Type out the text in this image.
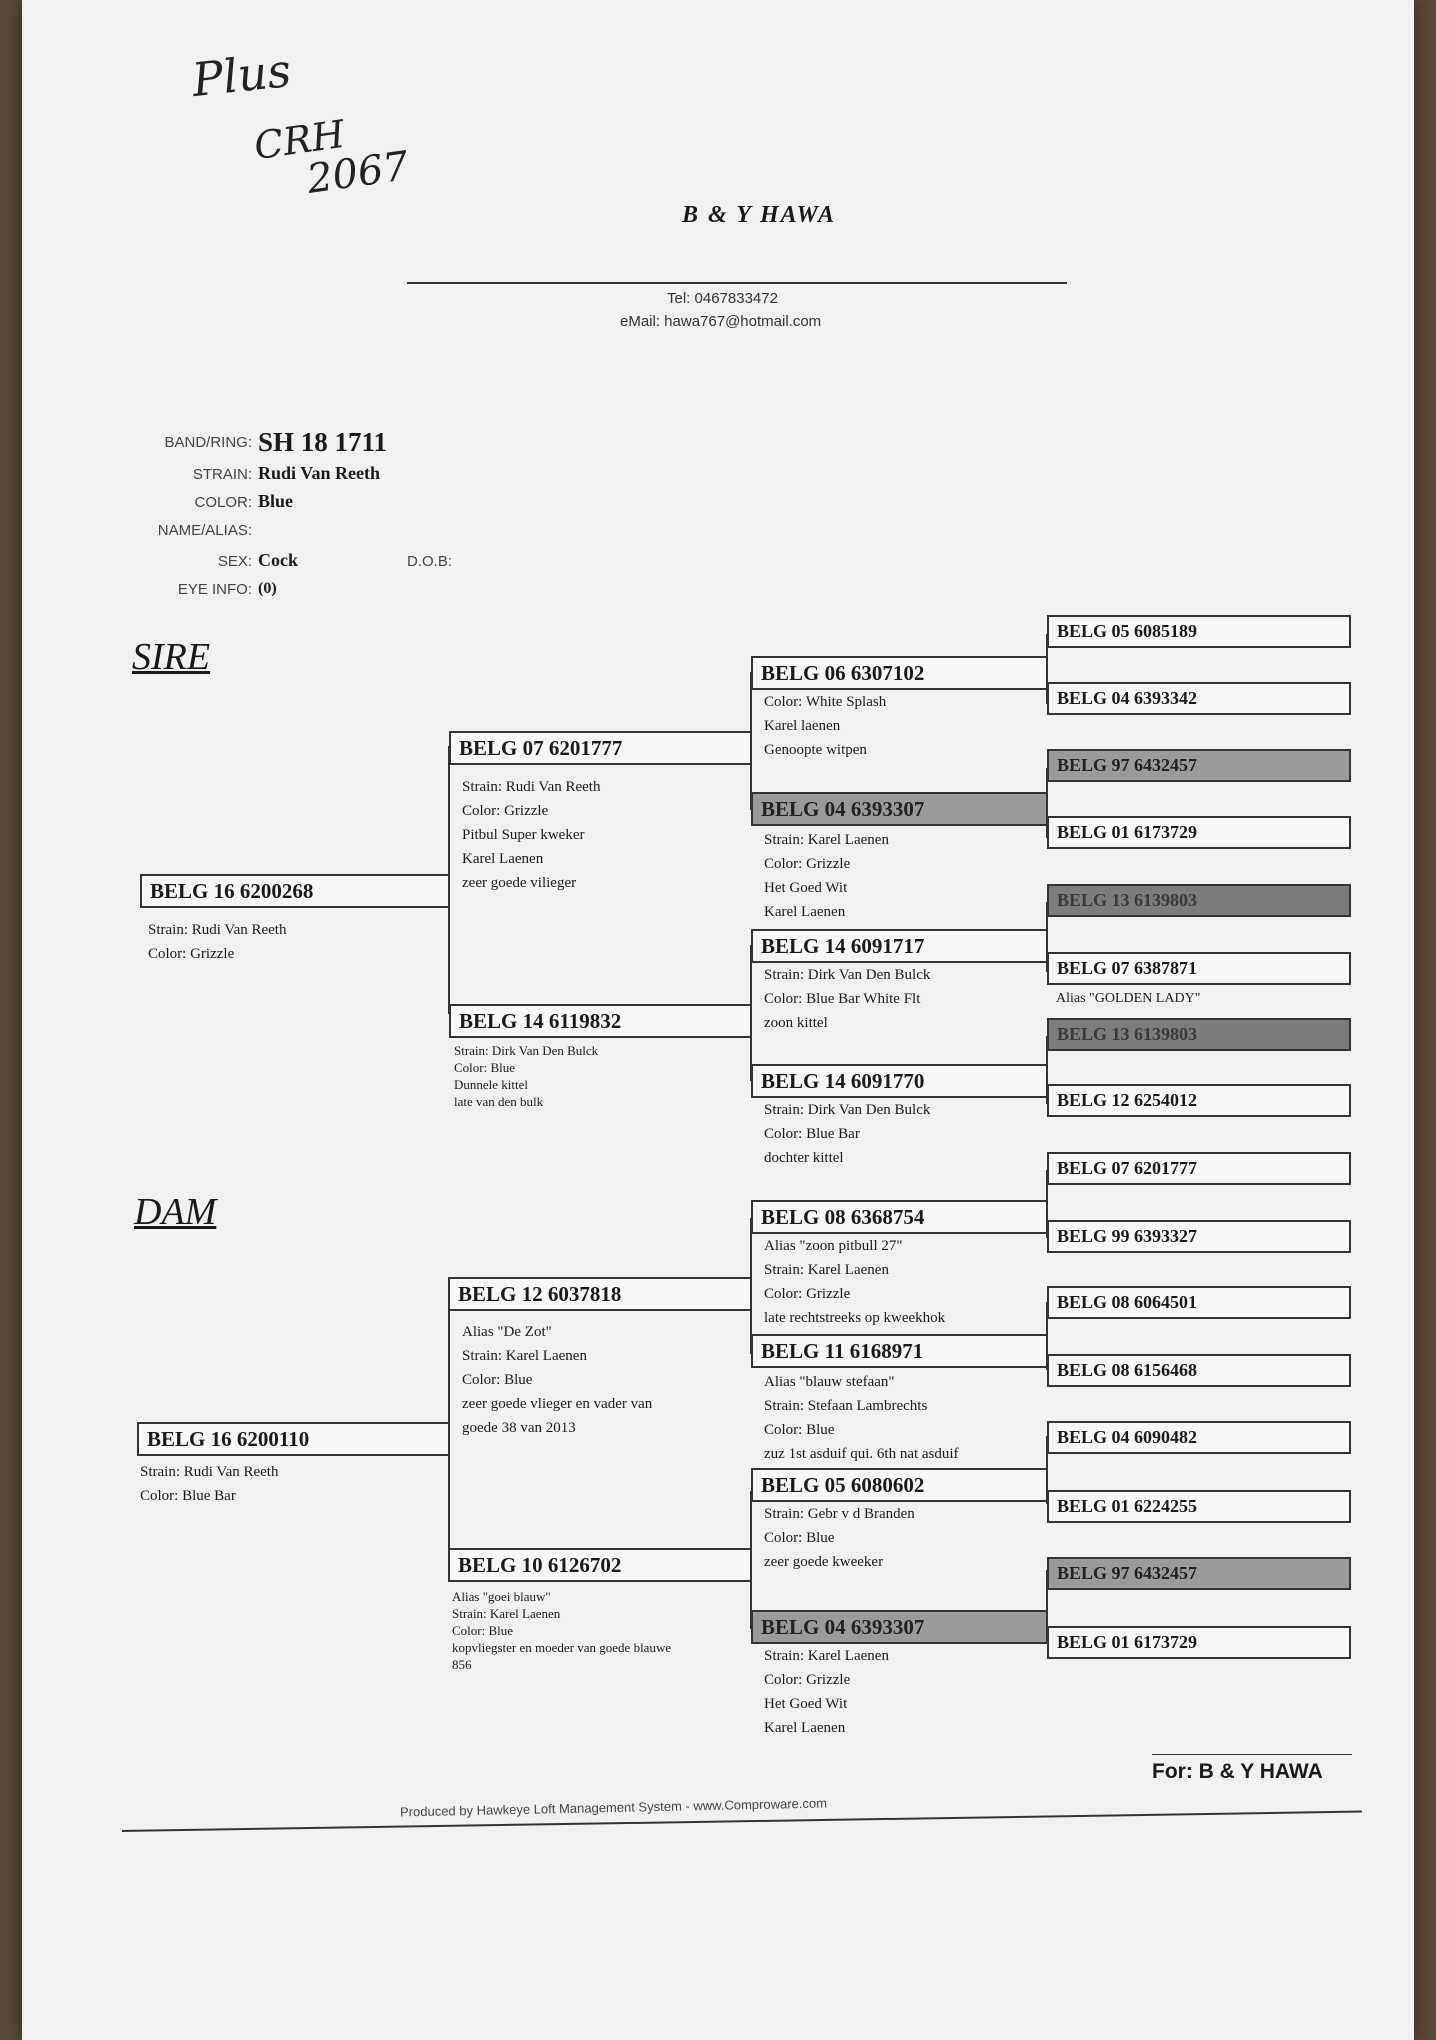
Plus
CRH
2067
B & Y HAWA
Tel: 0467833472
eMail: hawa767@hotmail.com
BAND/RING: SH 18 1711
STRAIN: Rudi Van Reeth
COLOR: Blue
NAME/ALIAS:
SEX: Cock	D.O.B:
EYE INFO: (0)
SIRE
DAM
BELG 16 6200268
Strain: Rudi Van Reeth
Color: Grizzle
BELG 16 6200110
Strain: Rudi Van Reeth
Color: Blue Bar
BELG 07 6201777
Strain: Rudi Van Reeth
Color: Grizzle
Pitbul Super kweker
Karel Laenen
zeer goede vilieger
BELG 14 6119832
Strain: Dirk Van Den Bulck
Color: Blue
Dunnele kittel
late van den bulk
BELG 12 6037818
Alias "De Zot"
Strain: Karel Laenen
Color: Blue
zeer goede vlieger en vader van
goede 38 van 2013
BELG 10 6126702
Alias "goei blauw"
Strain: Karel Laenen
Color: Blue
kopvliegster en moeder van goede blauwe
856
BELG 06 6307102
Color: White Splash
Karel laenen
Genoopte witpen
BELG 04 6393307
Strain: Karel Laenen
Color: Grizzle
Het Goed Wit
Karel Laenen
BELG 14 6091717
Strain: Dirk Van Den Bulck
Color: Blue Bar White Flt
zoon kittel
BELG 14 6091770
Strain: Dirk Van Den Bulck
Color: Blue Bar
dochter kittel
BELG 08 6368754
Alias "zoon pitbull 27"
Strain: Karel Laenen
Color: Grizzle
late rechtstreeks op kweekhok
BELG 11 6168971
Alias "blauw stefaan"
Strain: Stefaan Lambrechts
Color: Blue
zuz 1st asduif qui. 6th nat asduif
BELG 05 6080602
Strain: Gebr v d Branden
Color: Blue
zeer goede kweeker
BELG 04 6393307
Strain: Karel Laenen
Color: Grizzle
Het Goed Wit
Karel Laenen
BELG 05 6085189
BELG 04 6393342
BELG 97 6432457
BELG 01 6173729
BELG 13 6139803
BELG 07 6387871
Alias "GOLDEN LADY"
BELG 13 6139803
BELG 12 6254012
BELG 07 6201777
BELG 99 6393327
BELG 08 6064501
BELG 08 6156468
BELG 04 6090482
BELG 01 6224255
BELG 97 6432457
BELG 01 6173729
For: B & Y HAWA
Produced by Hawkeye Loft Management System - www.Comproware.com
